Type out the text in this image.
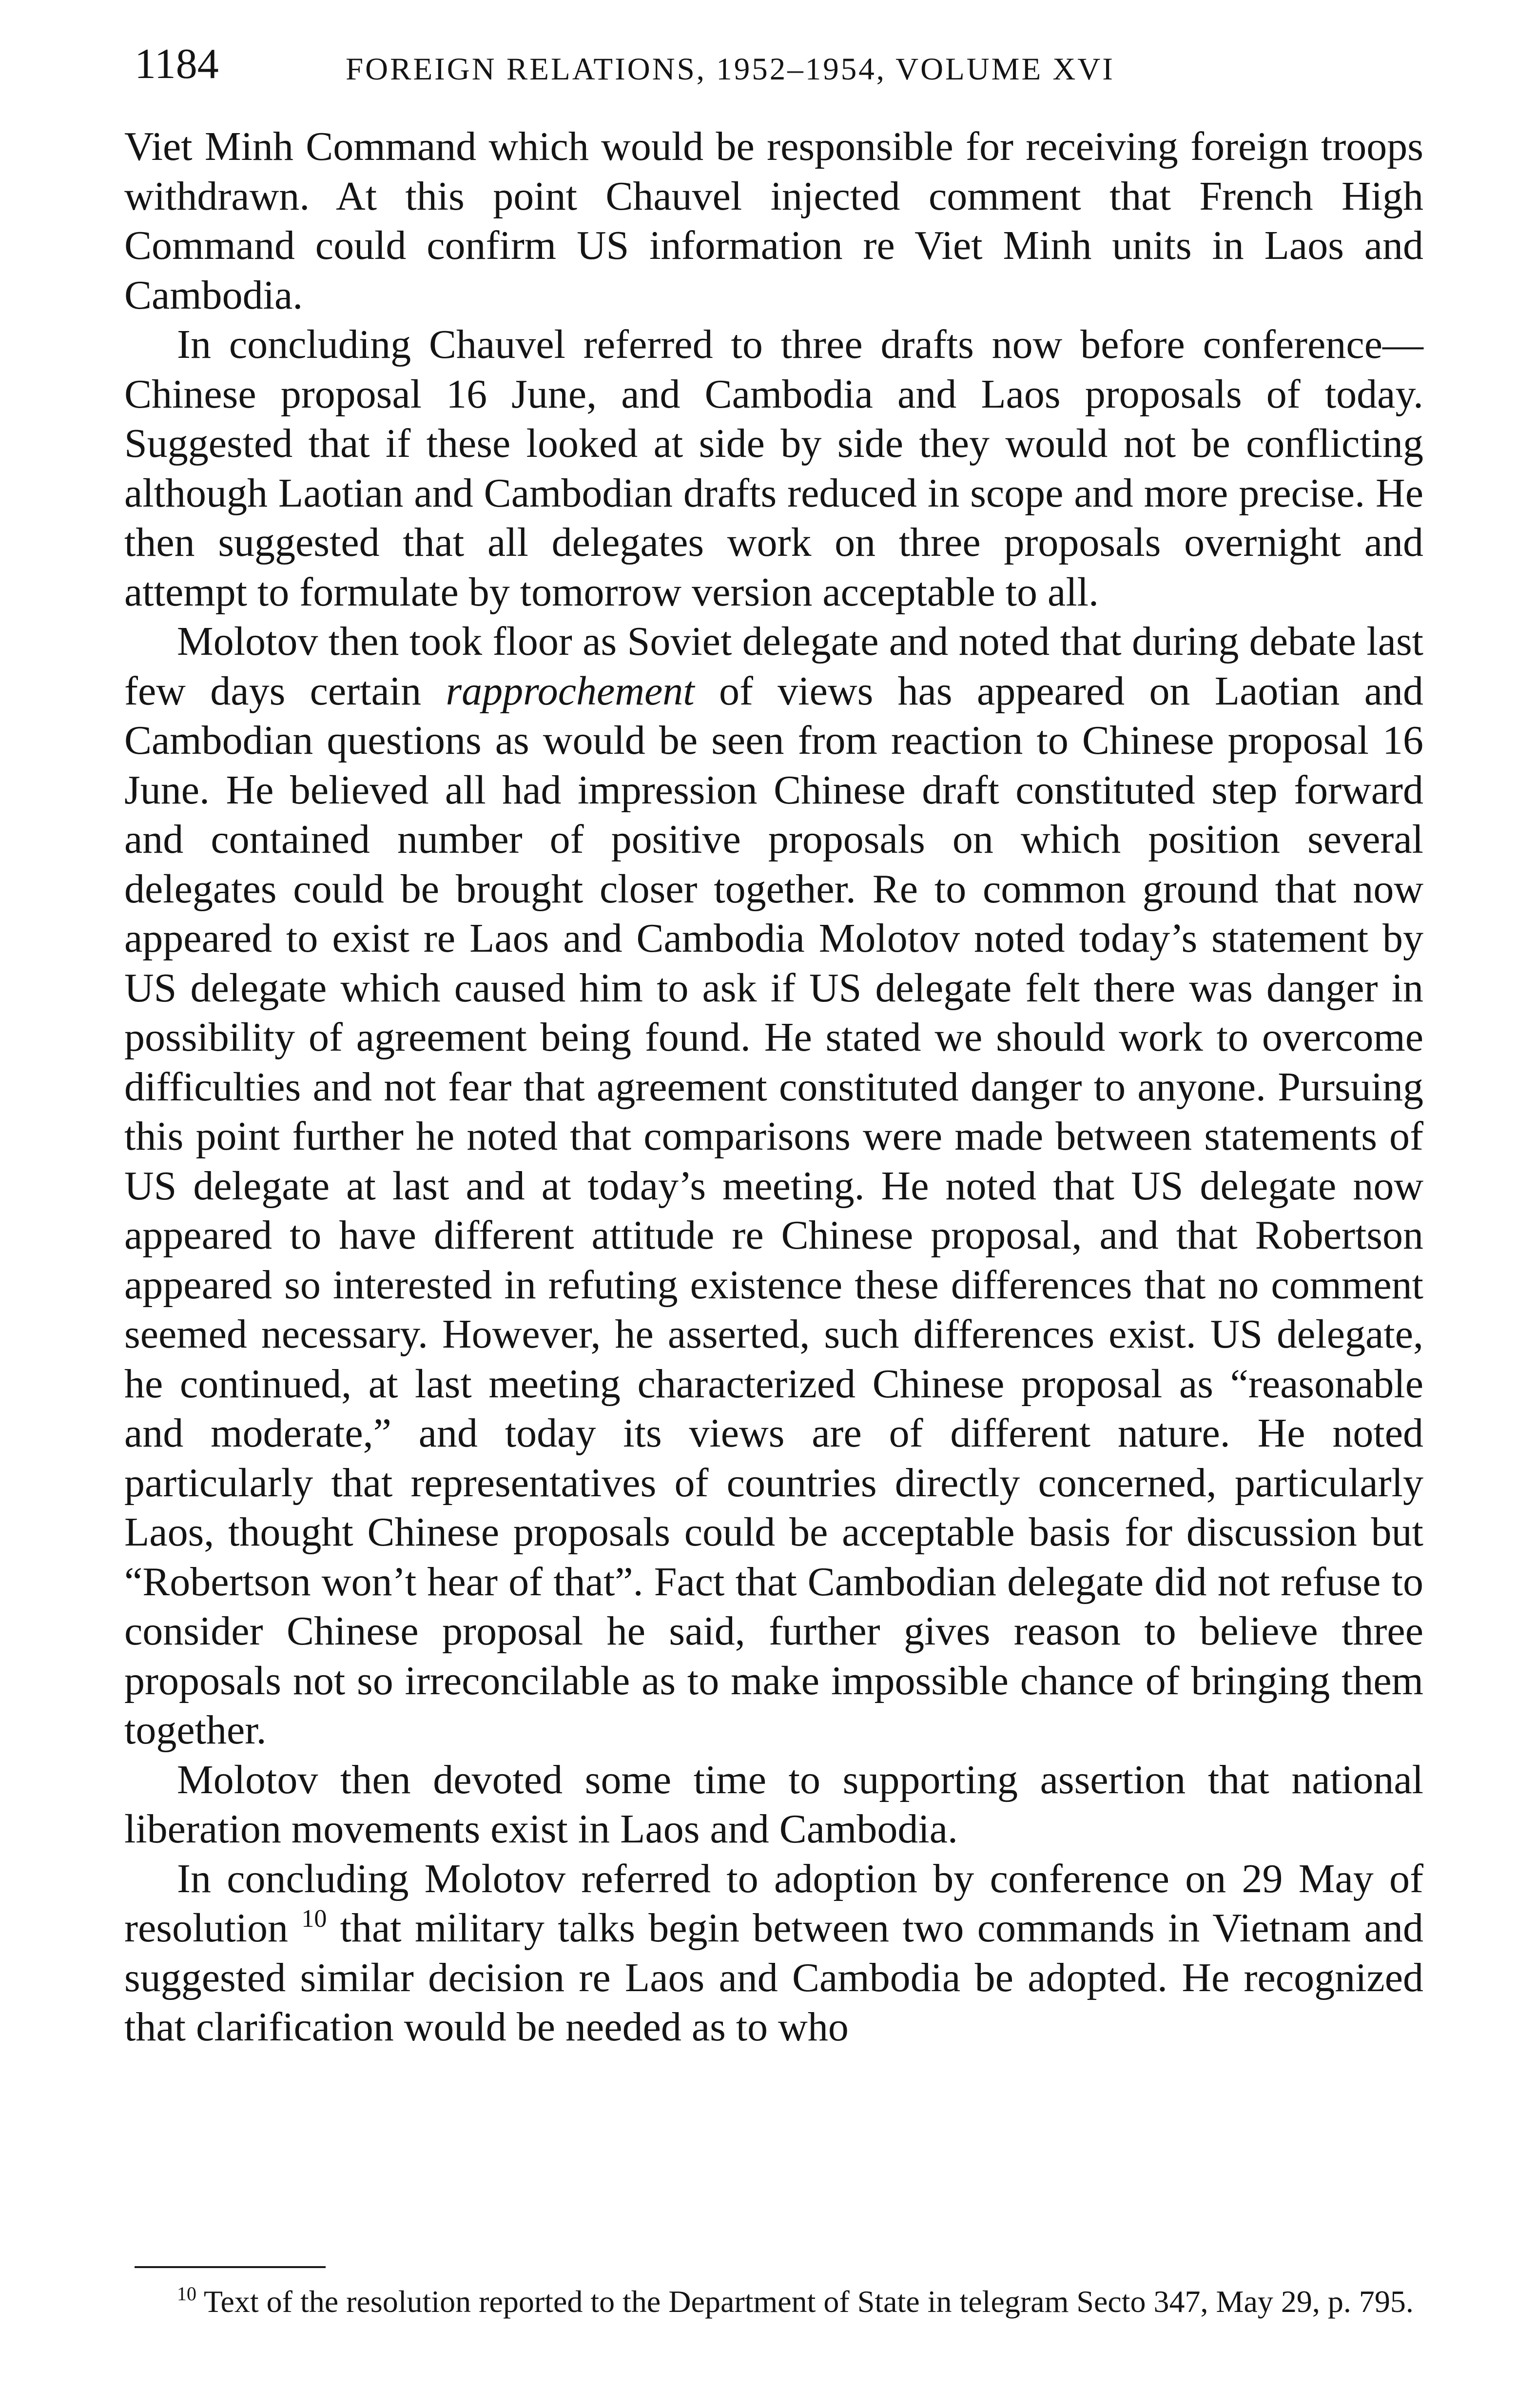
1184	FOREIGN RELATIONS, 1952–1954, VOLUME XVI

Viet Minh Command which would be responsible for receiving foreign troops withdrawn. At this point Chauvel injected comment that French High Command could confirm US information re Viet Minh units in Laos and Cambodia.

In concluding Chauvel referred to three drafts now before conference—Chinese proposal 16 June, and Cambodia and Laos proposals of today. Suggested that if these looked at side by side they would not be conflicting although Laotian and Cambodian drafts reduced in scope and more precise. He then suggested that all delegates work on three proposals overnight and attempt to formulate by tomorrow version acceptable to all.

Molotov then took floor as Soviet delegate and noted that during debate last few days certain rapprochement of views has appeared on Laotian and Cambodian questions as would be seen from reaction to Chinese proposal 16 June. He believed all had impression Chinese draft constituted step forward and contained number of positive proposals on which position several delegates could be brought closer together. Re to common ground that now appeared to exist re Laos and Cambodia Molotov noted today’s statement by US delegate which caused him to ask if US delegate felt there was danger in possibility of agreement being found. He stated we should work to overcome difficulties and not fear that agreement constituted danger to anyone. Pursuing this point further he noted that comparisons were made between statements of US delegate at last and at today’s meeting. He noted that US delegate now appeared to have different attitude re Chinese proposal, and that Robertson appeared so interested in refuting existence these differences that no comment seemed necessary. However, he asserted, such differences exist. US delegate, he continued, at last meeting characterized Chinese proposal as “reasonable and moderate,” and today its views are of different nature. He noted particularly that representatives of countries directly concerned, particularly Laos, thought Chinese proposals could be acceptable basis for discussion but “Robertson won’t hear of that”. Fact that Cambodian delegate did not refuse to consider Chinese proposal he said, further gives reason to believe three proposals not so irreconcilable as to make impossible chance of bringing them together.

Molotov then devoted some time to supporting assertion that national liberation movements exist in Laos and Cambodia.

In concluding Molotov referred to adoption by conference on 29 May of resolution $^{10}$ that military talks begin between two commands in Vietnam and suggested similar decision re Laos and Cambodia be adopted. He recognized that clarification would be needed as to who

$^{10}$ Text of the resolution reported to the Department of State in telegram Secto 347, May 29, p. 795.
